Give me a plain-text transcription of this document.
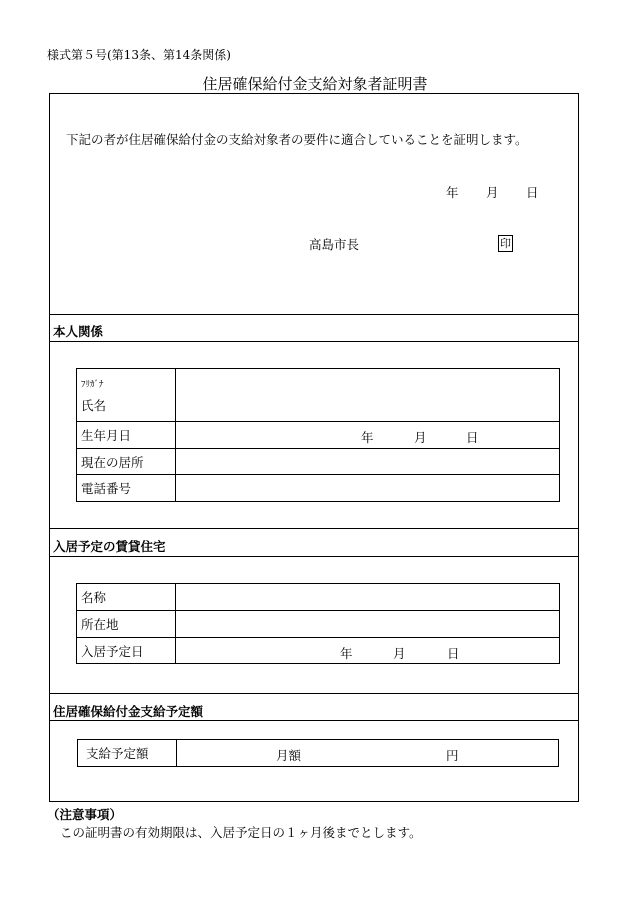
様式第５号(第13条、第14条関係)
住居確保給付金支給対象者証明書
下記の者が住居確保給付金の支給対象者の要件に適合していることを証明します。
年 月 日
高島市長	印
本人関係
ﾌﾘｶﾞﾅ
氏名	
生年月日	年 月 日

現在の居所	
電話番号	
入居予定の賃貸住宅
名称	
所在地	
入居予定日	年 月 日
住居確保給付金支給予定額
支給予定額	月額	円
（注意事項）
この証明書の有効期限は、入居予定日の１ヶ月後までとします。
